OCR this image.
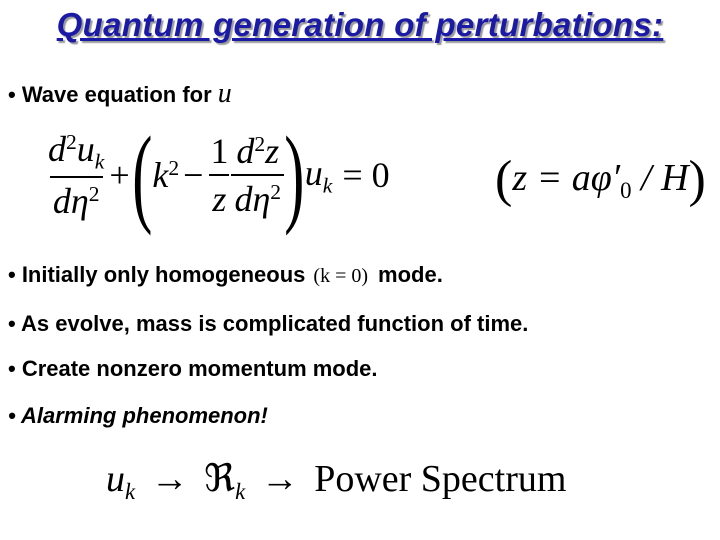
Quantum generation of perturbations:
• Wave equation for u
$\frac{d^2u_k}{d\eta^2}$ + ( $k^2 - \frac{1}{z} \frac{d^2z}{d\eta^2}$ ) $u_k = 0$ $(z = a\varphi'_0 / H)$
• Initially only homogeneous (k = 0) mode.
• As evolve, mass is complicated function of time.
• Create nonzero momentum mode.
• Alarming phenomenon!
$u_k$ → ℜ$_k$ → Power Spectrum
